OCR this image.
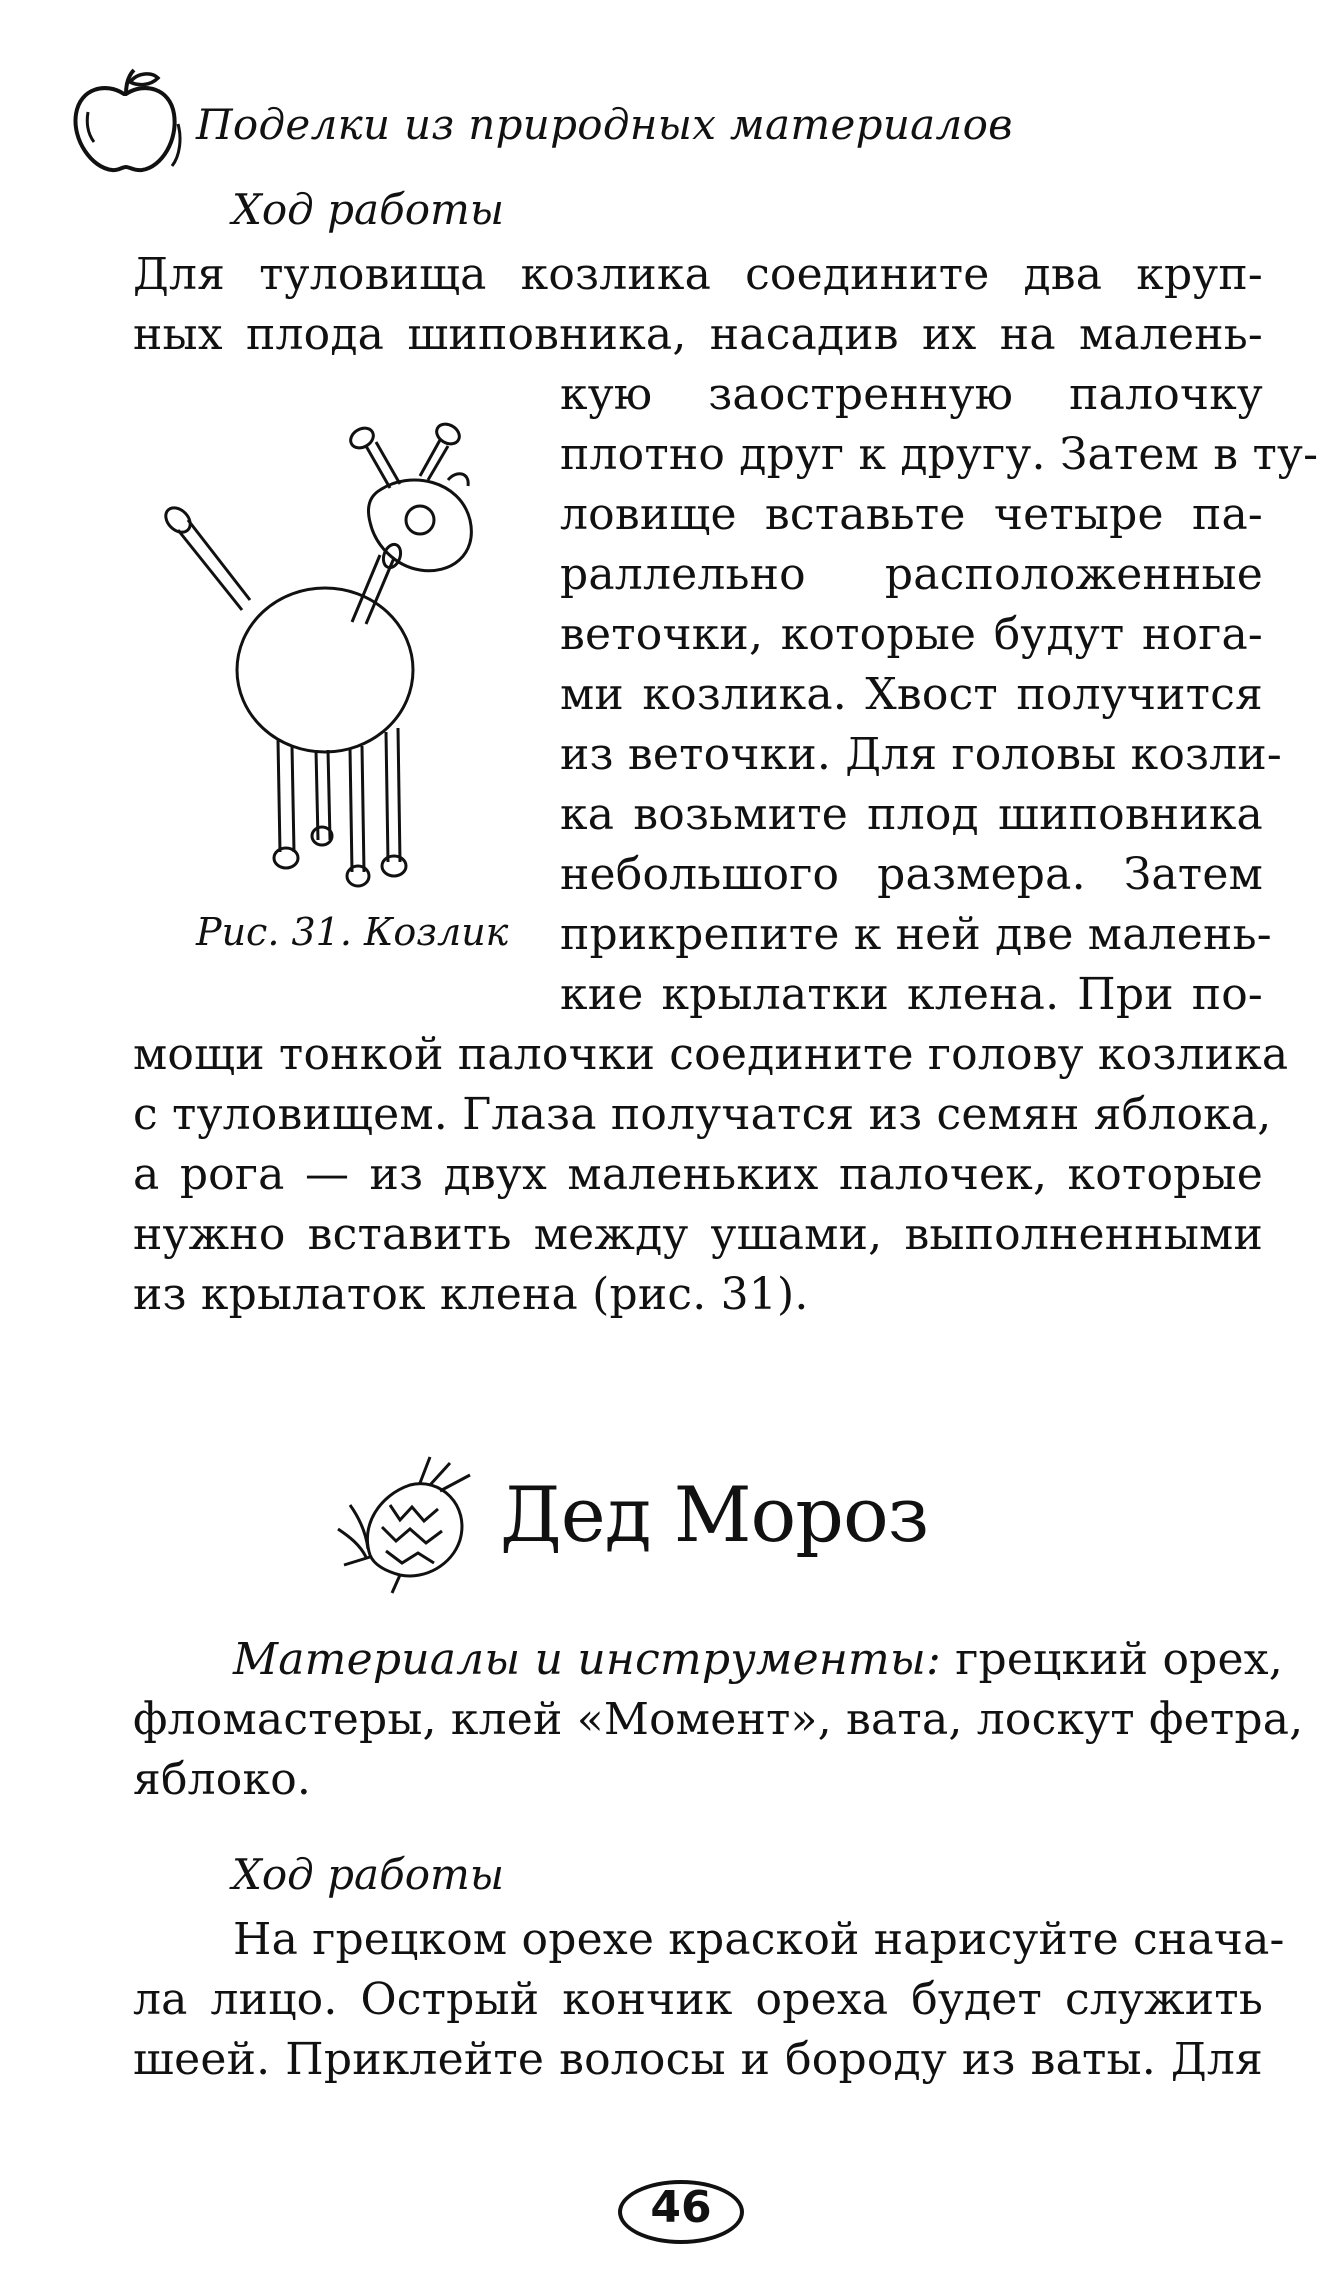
Поделки из природных материалов
Ход работы
Для туловища козлика соедините два круп-
ных плода шиповника, насадив их на малень-
кую заостренную палочку
плотно друг к другу. Затем в ту-
ловище вставьте четыре па-
раллельно расположенные
веточки, которые будут нога-
ми козлика. Хвост получится
из веточки. Для головы козли-
ка возьмите плод шиповника
небольшого размера. Затем
прикрепите к ней две малень-
кие крылатки клена. При по-
Рис. 31. Козлик
мощи тонкой палочки соедините голову козлика
с туловищем. Глаза получатся из семян яблока,
а рога — из двух маленьких палочек, которые
нужно вставить между ушами, выполненными
из крылаток клена (рис. 31).
Дед Мороз
Материалы и инструменты: грецкий орех,
фломастеры, клей «Момент», вата, лоскут фетра,
яблоко.
Ход работы
На грецком орехе краской нарисуйте снача-
ла лицо. Острый кончик ореха будет служить
шеей. Приклейте волосы и бороду из ваты. Для
46
